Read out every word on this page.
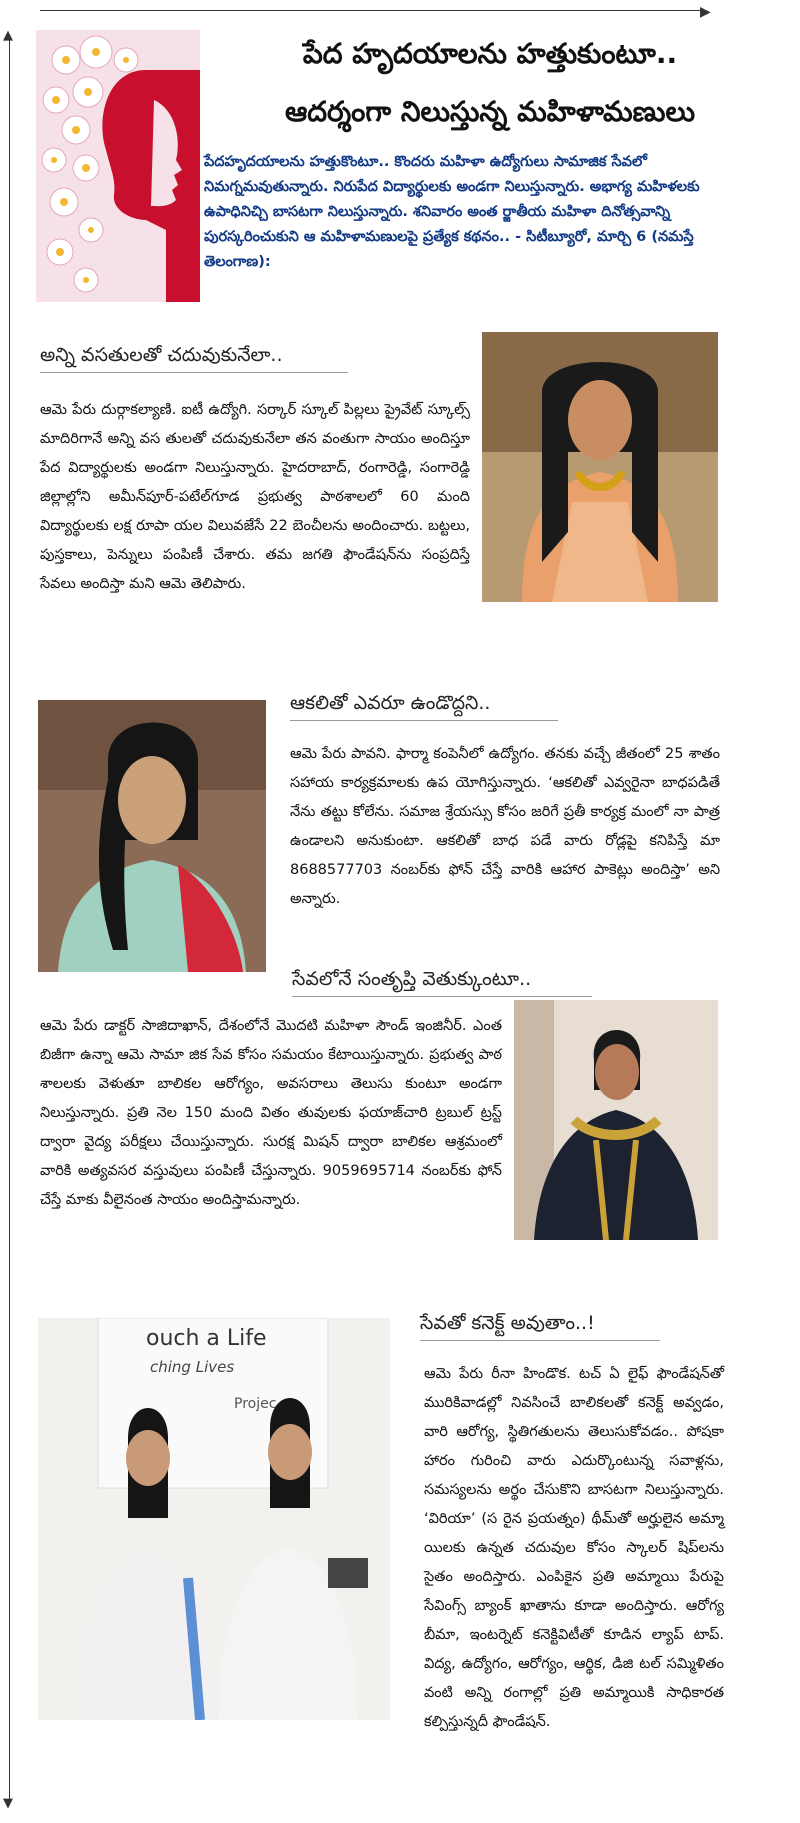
▶
▲
▼
పేద హృదయాలను హత్తుకుంటూ..
ఆదర్శంగా నిలుస్తున్న మహిళామణులు
పేదహృదయాలను హత్తుకొంటూ.. కొందరు మహిళా ఉద్యోగులు సామాజిక సేవలో నిమగ్నమవుతున్నారు. నిరుపేద విద్యార్థులకు అండగా నిలుస్తున్నారు. అభాగ్య మహిళలకు ఉపాధినిచ్చి బాసటగా నిలుస్తున్నారు. శనివారం అంత ర్జాతీయ మహిళా దినోత్సవాన్ని పురస్కరించుకుని ఆ మహిళామణులపై ప్రత్యేక కథనం.. - సిటీబ్యూరో, మార్చి 6 (నమస్తే తెలంగాణ):
అన్ని వసతులతో చదువుకునేలా..
ఆమె పేరు దుర్గాకల్యాణి. ఐటీ ఉద్యోగి. సర్కార్ స్కూల్ పిల్లలు ప్రైవేట్ స్కూల్స్ మాదిరిగానే అన్ని వస తులతో చదువుకునేలా తన వంతుగా సాయం అందిస్తూ పేద విద్యార్థులకు అండగా నిలుస్తున్నారు. హైదరాబాద్, రంగారెడ్డి, సంగారెడ్డి జిల్లాల్లోని అమీన్‌పూర్-పటేల్‌గూడ ప్రభుత్వ పాఠశాలలో 60 మంది విద్యార్థులకు లక్ష రూపా యల విలువజేసే 22 బెంచీలను అందించారు. బట్టలు, పుస్తకాలు, పెన్నులు పంపిణీ చేశారు. తమ జగతి ఫౌండేషన్‌ను సంప్రదిస్తే సేవలు అందిస్తా మని ఆమె తెలిపారు.
ఆకలితో ఎవరూ ఉండొద్దని..
ఆమె పేరు పావని. ఫార్మా కంపెనీలో ఉద్యోగం. తనకు వచ్చే జీతంలో 25 శాతం సహాయ కార్యక్రమాలకు ఉప యోగిస్తున్నారు. ‘ఆకలితో ఎవ్వరైనా బాధపడితే నేను తట్టు కోలేను. సమాజ శ్రేయస్సు కోసం జరిగే ప్రతీ కార్యక్ర మంలో నా పాత్ర ఉండాలని అనుకుంటా. ఆకలితో బాధ పడే వారు రోడ్లపై కనిపిస్తే మా 8688577703 నంబర్‌కు ఫోన్ చేస్తే వారికి ఆహార పాకెట్లు అందిస్తా’ అని అన్నారు.
సేవలోనే సంతృప్తి వెతుక్కుంటూ..
ఆమె పేరు డాక్టర్ సాజిదాఖాన్, దేశంలోనే మొదటి మహిళా సౌండ్ ఇంజినీర్. ఎంత బిజీగా ఉన్నా ఆమె సామా జిక సేవ కోసం సమయం కేటాయిస్తున్నారు. ప్రభుత్వ పాఠ శాలలకు వెళుతూ బాలికల ఆరోగ్యం, అవసరాలు తెలుసు కుంటూ అండగా నిలుస్తున్నారు. ప్రతి నెల 150 మంది వితం తువులకు ఫయాజ్‌చారి ట్రబుల్ ట్రస్ట్ ద్వారా వైద్య పరీక్షలు చేయిస్తున్నారు. సురక్ష మిషన్ ద్వారా బాలికల ఆశ్రమంలో వారికి అత్యవసర వస్తువులు పంపిణీ చేస్తున్నారు. 9059695714 నంబర్‌కు ఫోన్ చేస్తే మాకు వీలైనంత సాయం అందిస్తామన్నారు.
ouch a Life
ching Lives
Projec
సేవతో కనెక్ట్ అవుతాం..!
ఆమె పేరు రీనా హిండొక. టచ్ ఏ లైఫ్ ఫౌండేషన్‌తో మురికివాడల్లో నివసించే బాలికలతో కనెక్ట్ అవ్వడం, వారి ఆరోగ్య, స్థితిగతులను తెలుసుకోవడం.. పోషకా హారం గురించి వారు ఎదుర్కొంటున్న సవాళ్లను, సమస్యలను అర్థం చేసుకొని బాసటగా నిలుస్తున్నారు. ‘విరియా’ (స రైన ప్రయత్నం) థీమ్‌తో అర్హులైన అమ్మా యిలకు ఉన్నత చదువుల కోసం స్కాలర్ షిప్‌లను సైతం అందిస్తారు. ఎంపికైన ప్రతి అమ్మాయి పేరుపై సేవింగ్స్ బ్యాంక్ ఖాతాను కూడా అందిస్తారు. ఆరోగ్య బీమా, ఇంటర్నెట్ కనెక్టివిటీతో కూడిన ల్యాప్ టాప్. విద్య, ఉద్యోగం, ఆరోగ్యం, ఆర్థిక, డిజి టల్ సమ్మిళితం వంటి అన్ని రంగాల్లో ప్రతి అమ్మాయికి సాధికారత కల్పిస్తున్నదీ ఫౌండేషన్.
